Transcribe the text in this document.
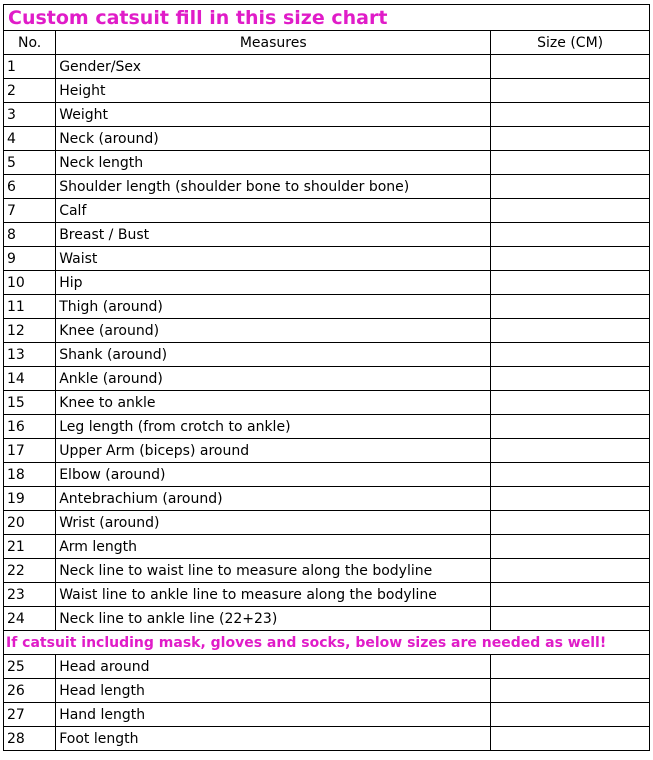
Custom catsuit fill in this size chart		
No.	Measures	Size (CM)
1	Gender/Sex	
2	Height	
3	Weight	
4	Neck (around)	
5	Neck length	
6	Shoulder length (shoulder bone to shoulder bone)	
7	Calf	
8	Breast / Bust	
9	Waist	
10	Hip	
11	Thigh (around)	
12	Knee (around)	
13	Shank (around)	
14	Ankle (around)	
15	Knee to ankle	
16	Leg length (from crotch to ankle)	
17	Upper Arm (biceps) around	
18	Elbow (around)	
19	Antebrachium (around)	
20	Wrist (around)	
21	Arm length	
22	Neck line to waist line to measure along the bodyline	
23	Waist line to ankle line to measure along the bodyline	
24	Neck line to ankle line (22+23)	
If catsuit including mask, gloves and socks, below sizes are needed as well!		
25	Head around	
26	Head length	
27	Hand length	
28	Foot length	
